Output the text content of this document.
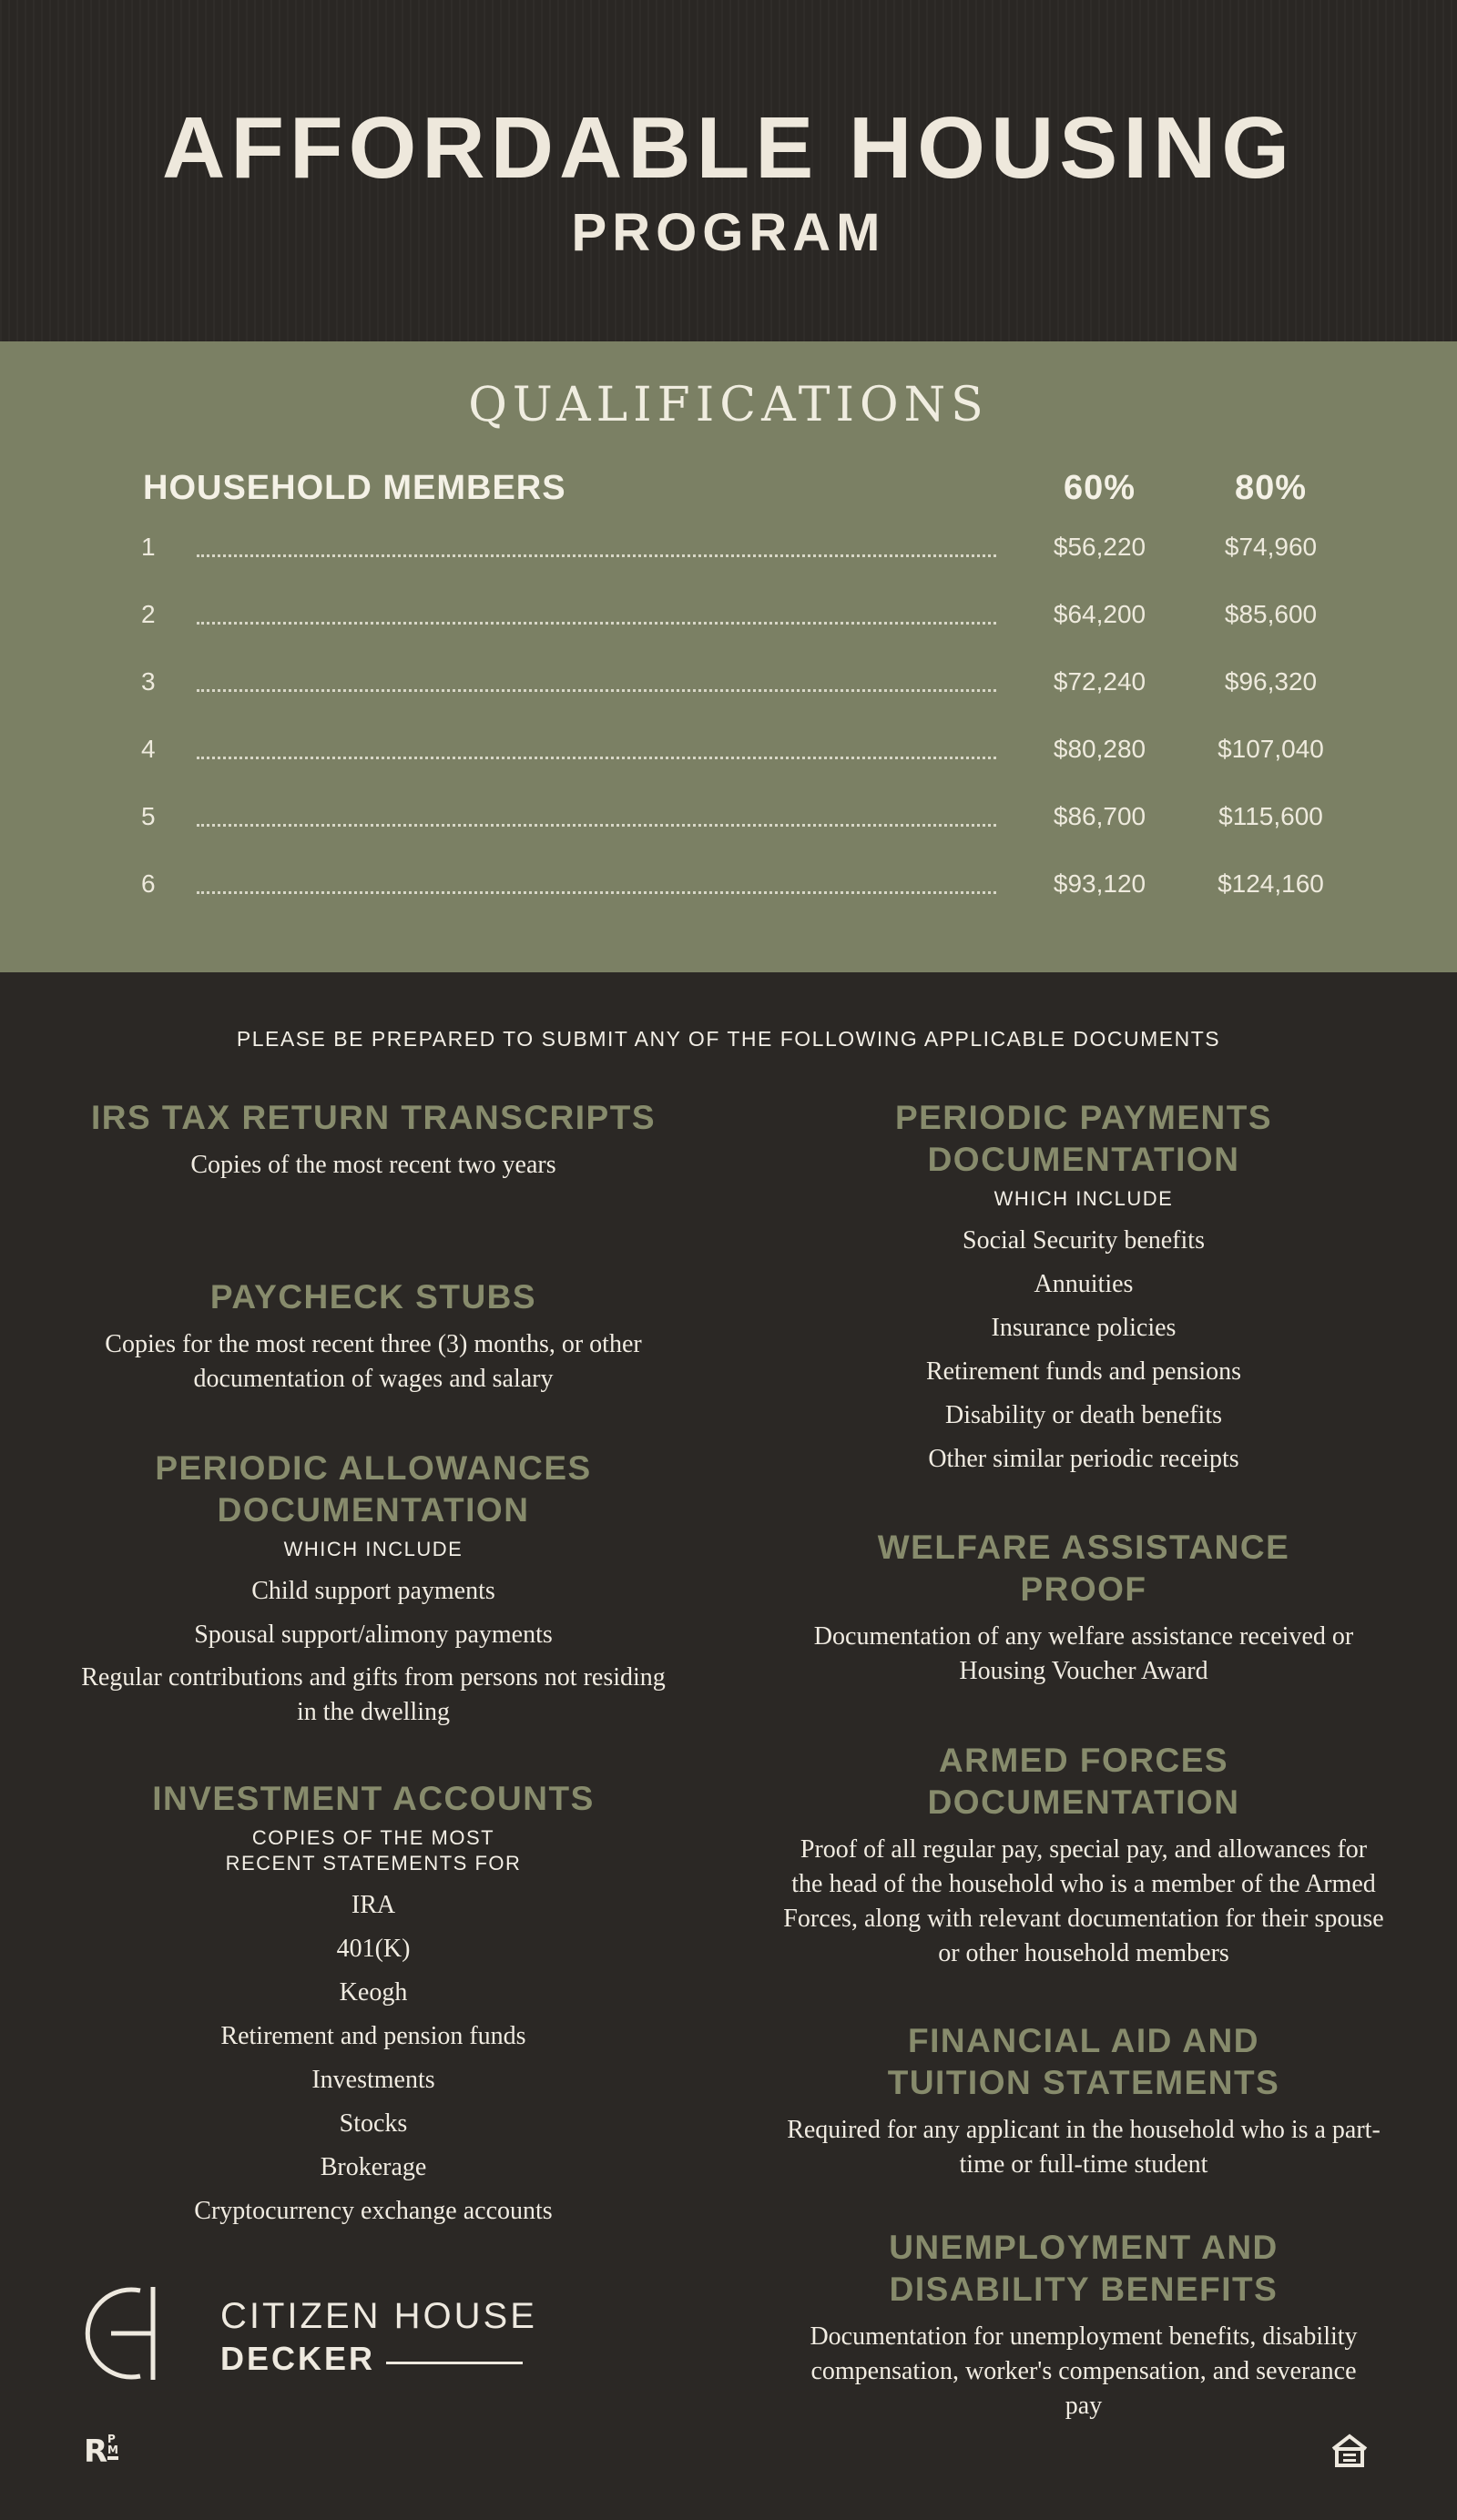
AFFORDABLE HOUSING
PROGRAM
QUALIFICATIONS
HOUSEHOLD MEMBERS	60%	80%
1	$56,220	$74,960
2	$64,200	$85,600
3	$72,240	$96,320
4	$80,280	$107,040
5	$86,700	$115,600
6	$93,120	$124,160
PLEASE BE PREPARED TO SUBMIT ANY OF THE FOLLOWING APPLICABLE DOCUMENTS
IRS TAX RETURN TRANSCRIPTS
Copies of the most recent two years
PAYCHECK STUBS
Copies for the most recent three (3) months, or other documentation of wages and salary
PERIODIC ALLOWANCES DOCUMENTATION
WHICH INCLUDE
Child support payments
Spousal support/alimony payments
Regular contributions and gifts from persons not residing in the dwelling
INVESTMENT ACCOUNTS
COPIES OF THE MOST RECENT STATEMENTS FOR
IRA
401(K)
Keogh
Retirement and pension funds
Investments
Stocks
Brokerage
Cryptocurrency exchange accounts
PERIODIC PAYMENTS DOCUMENTATION
WHICH INCLUDE
Social Security benefits
Annuities
Insurance policies
Retirement funds and pensions
Disability or death benefits
Other similar periodic receipts
WELFARE ASSISTANCE PROOF
Documentation of any welfare assistance received or Housing Voucher Award
ARMED FORCES DOCUMENTATION
Proof of all regular pay, special pay, and allowances for the head of the household who is a member of the Armed Forces, along with relevant documentation for their spouse or other household members
FINANCIAL AID AND TUITION STATEMENTS
Required for any applicant in the household who is a part-time or full-time student
UNEMPLOYMENT AND DISABILITY BENEFITS
Documentation for unemployment benefits, disability compensation, worker's compensation, and severance pay
CITIZEN HOUSE
DECKER
R P
M
